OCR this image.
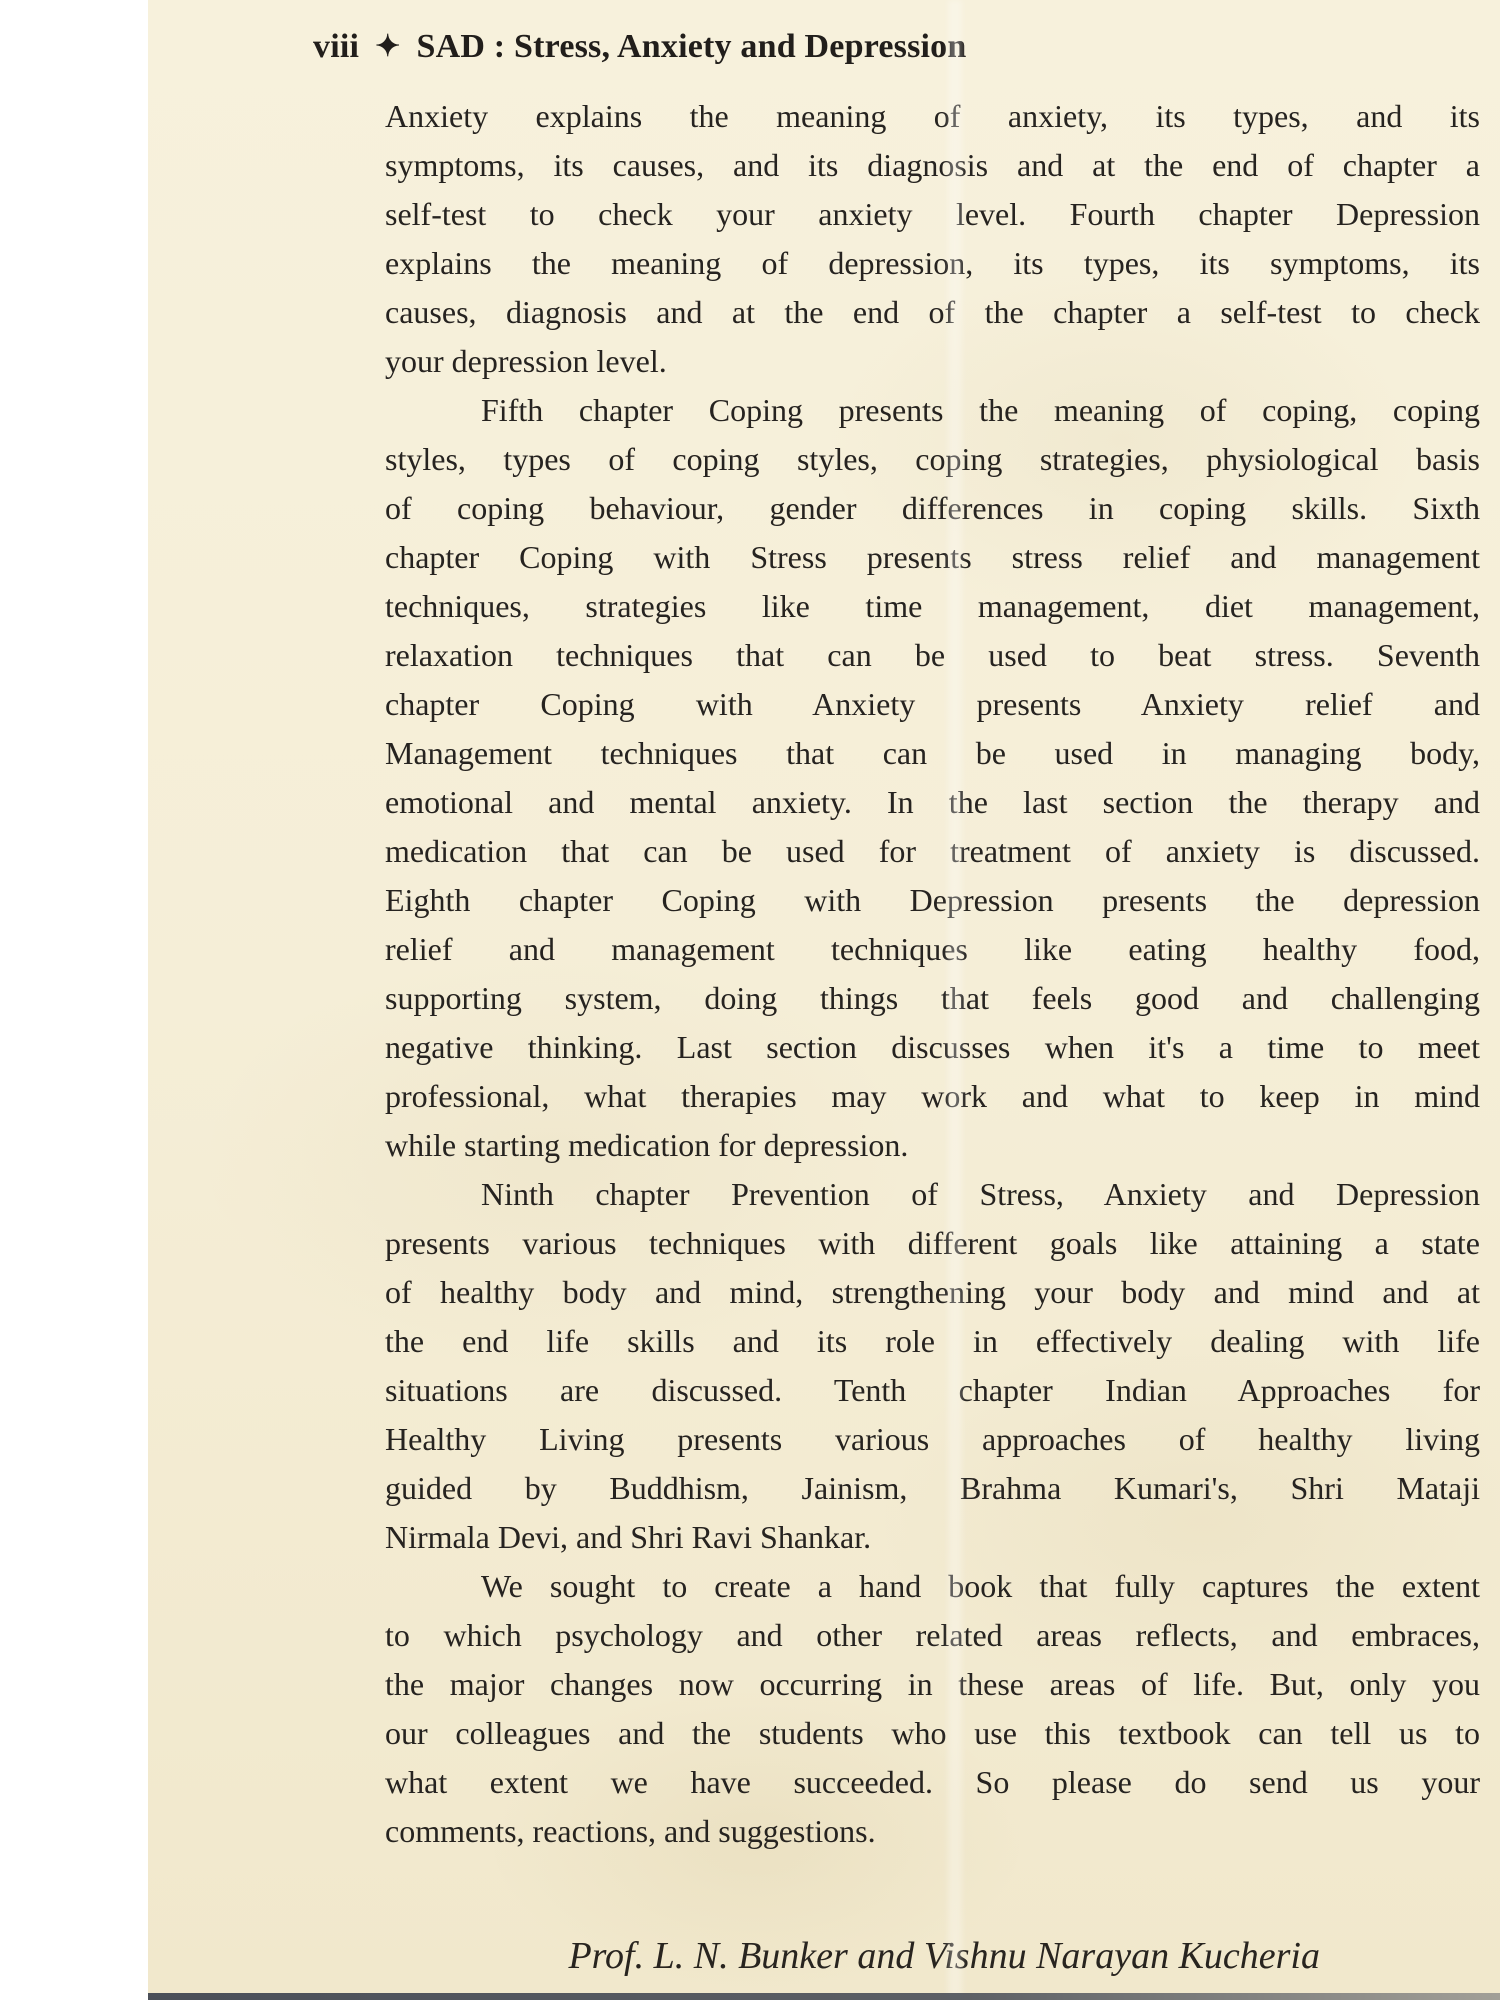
viii ✦ SAD : Stress, Anxiety and Depression
Anxiety explains the meaning of anxiety, its types, and its
symptoms, its causes, and its diagnosis and at the end of chapter a
self-test to check your anxiety level. Fourth chapter Depression
explains the meaning of depression, its types, its symptoms, its
causes, diagnosis and at the end of the chapter a self-test to check
your depression level.
Fifth chapter Coping presents the meaning of coping, coping
styles, types of coping styles, coping strategies, physiological basis
of coping behaviour, gender differences in coping skills. Sixth
chapter Coping with Stress presents stress relief and management
techniques, strategies like time management, diet management,
relaxation techniques that can be used to beat stress. Seventh
chapter Coping with Anxiety presents Anxiety relief and
Management techniques that can be used in managing body,
emotional and mental anxiety. In the last section the therapy and
medication that can be used for treatment of anxiety is discussed.
Eighth chapter Coping with Depression presents the depression
relief and management techniques like eating healthy food,
supporting system, doing things that feels good and challenging
negative thinking. Last section discusses when it's a time to meet
professional, what therapies may work and what to keep in mind
while starting medication for depression.
Ninth chapter Prevention of Stress, Anxiety and Depression
presents various techniques with different goals like attaining a state
of healthy body and mind, strengthening your body and mind and at
the end life skills and its role in effectively dealing with life
situations are discussed. Tenth chapter Indian Approaches for
Healthy Living presents various approaches of healthy living
guided by Buddhism, Jainism, Brahma Kumari's, Shri Mataji
Nirmala Devi, and Shri Ravi Shankar.
We sought to create a hand book that fully captures the extent
to which psychology and other related areas reflects, and embraces,
the major changes now occurring in these areas of life. But, only you
our colleagues and the students who use this textbook can tell us to
what extent we have succeeded. So please do send us your
comments, reactions, and suggestions.
Prof. L. N. Bunker and Vishnu Narayan Kucheria
